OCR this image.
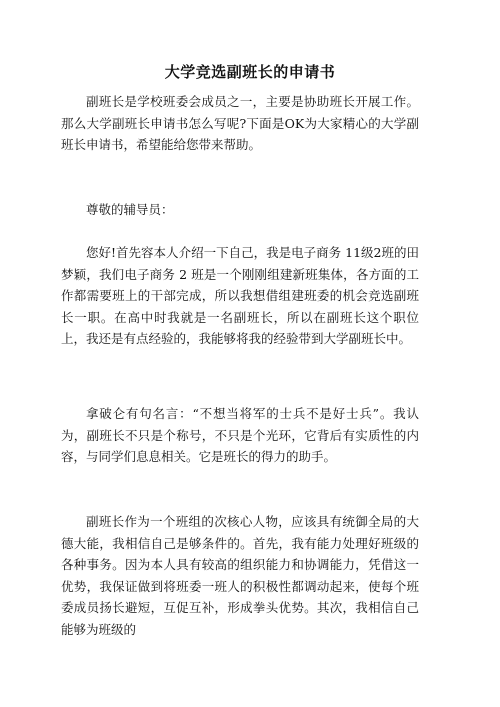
大学竞选副班长的申请书

副班长是学校班委会成员之一，主要是协助班长开展工作。那么大学副班长申请书怎么写呢?下面是OK为大家精心的大学副班长申请书，希望能给您带来帮助。

尊敬的辅导员：

您好!首先容本人介绍一下自己，我是电子商务 11级2班的田梦颖，我们电子商务 2 班是一个刚刚组建新班集体，各方面的工作都需要班上的干部完成，所以我想借组建班委的机会竞选副班长一职。在高中时我就是一名副班长，所以在副班长这个职位上，我还是有点经验的，我能够将我的经验带到大学副班长中。

拿破仑有句名言：“不想当将军的士兵不是好士兵”。我认为，副班长不只是个称号，不只是个光环，它背后有实质性的内容，与同学们息息相关。它是班长的得力的助手。

副班长作为一个班组的次核心人物，应该具有统御全局的大德大能，我相信自己是够条件的。首先，我有能力处理好班级的各种事务。因为本人具有较高的组织能力和协调能力，凭借这一优势，我保证做到将班委一班人的积极性都调动起来，使每个班委成员扬长避短，互促互补，形成拳头优势。其次，我相信自己能够为班级的
